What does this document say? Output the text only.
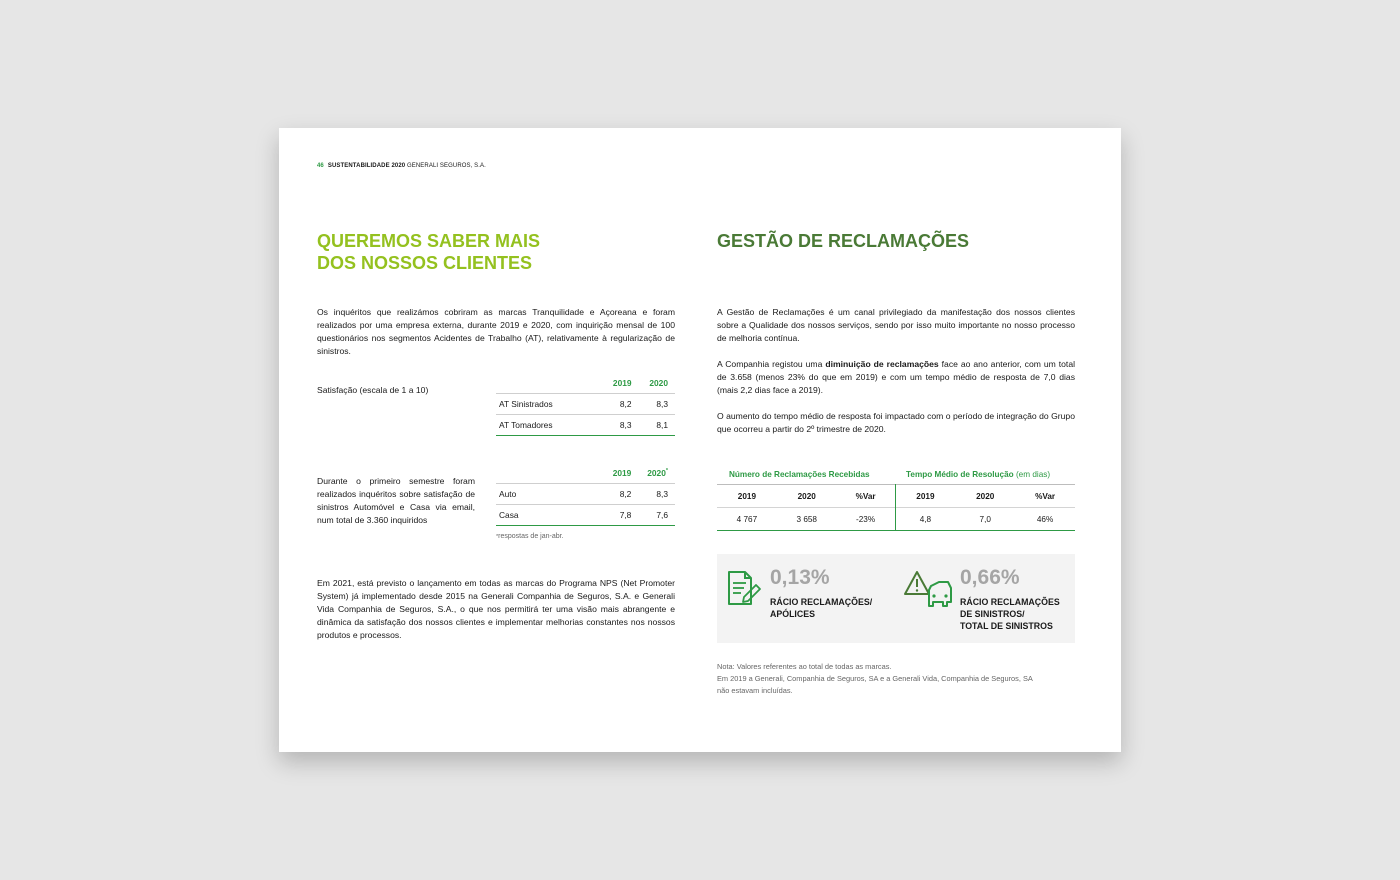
46 SUSTENTABILIDADE 2020 GENERALI SEGUROS, S.A.
QUEREMOS SABER MAIS
DOS NOSSOS CLIENTES
Os inquéritos que realizámos cobriram as marcas Tranquilidade e Açoreana e foram realizados por uma empresa externa, durante 2019 e 2020, com inquirição mensal de 100 questionários nos segmentos Acidentes de Trabalho (AT), relativamente à regularização de sinistros.
Satisfação (escala de 1 a 10)
	2019	2020
AT Sinistrados	8,2	8,3
AT Tomadores	8,3	8,1
Durante o primeiro semestre foram realizados inquéritos sobre satisfação de sinistros Automóvel e Casa via email, num total de 3.360 inquiridos
	2019	2020*
Auto	8,2	8,3
Casa	7,8	7,6
*respostas de jan-abr.
Em 2021, está previsto o lançamento em todas as marcas do Programa NPS (Net Promoter System) já implementado desde 2015 na Generali Companhia de Seguros, S.A. e Generali Vida Companhia de Seguros, S.A., o que nos permitirá ter uma visão mais abrangente e dinâmica da satisfação dos nossos clientes e implementar melhorias constantes nos nossos produtos e processos.
GESTÃO DE RECLAMAÇÕES
A Gestão de Reclamações é um canal privilegiado da manifestação dos nossos clientes sobre a Qualidade dos nossos serviços, sendo por isso muito importante no nosso processo de melhoria contínua.
A Companhia registou uma diminuição de reclamações face ao ano anterior, com um total de 3.658 (menos 23% do que em 2019) e com um tempo médio de resposta de 7,0 dias (mais 2,2 dias face a 2019).
O aumento do tempo médio de resposta foi impactado com o período de integração do Grupo que ocorreu a partir do 2º trimestre de 2020.
Número de Reclamações Recebidas	Tempo Médio de Resolução (em dias)
2019	2020	%Var	2019	2020	%Var
4 767	3 658	-23%	4,8	7,0	46%
0,13%
RÁCIO RECLAMAÇÕES/
APÓLICES
0,66%
RÁCIO RECLAMAÇÕES
DE SINISTROS/
TOTAL DE SINISTROS
Nota: Valores referentes ao total de todas as marcas.
Em 2019 a Generali, Companhia de Seguros, SA e a Generali Vida, Companhia de Seguros, SA
não estavam incluídas.
